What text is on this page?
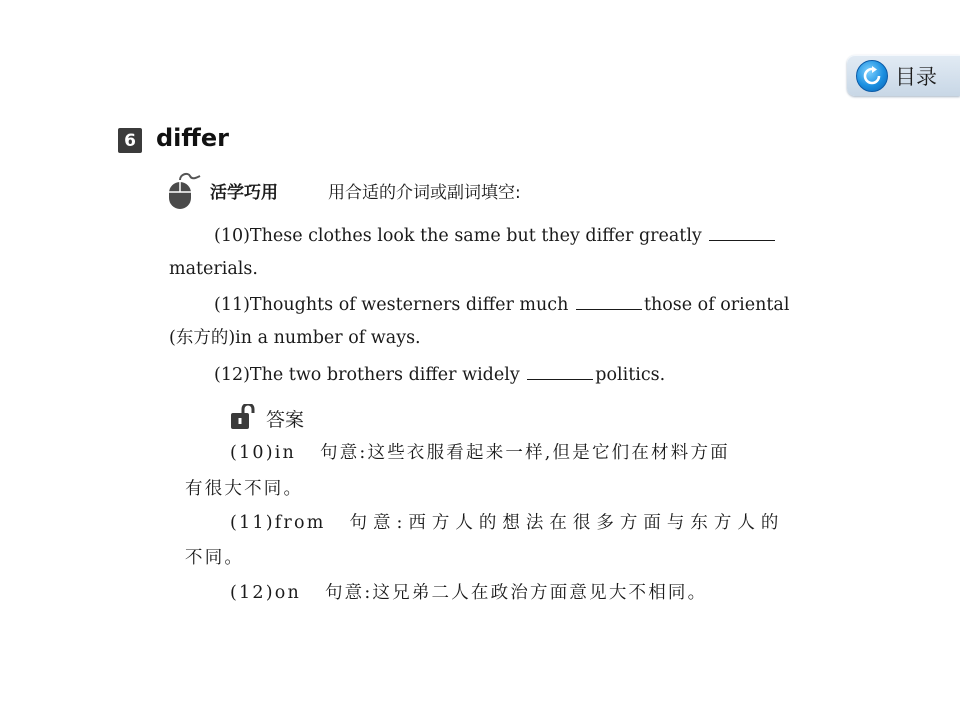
目录
6 differ
活学巧用	用合适的介词或副词填空:
(10)These clothes look the same but they differ greatly
materials.
(11)Thoughts of westerners differ much	those of oriental
(东方的)in a number of ways.
(12)The two brothers differ widely	politics.
答案
(10)in 句意:这些衣服看起来一样,但是它们在材料方面
有很大不同。
(11)from 句意:西方人的想法在很多方面与东方人的
不同。
(12)on 句意:这兄弟二人在政治方面意见大不相同。
